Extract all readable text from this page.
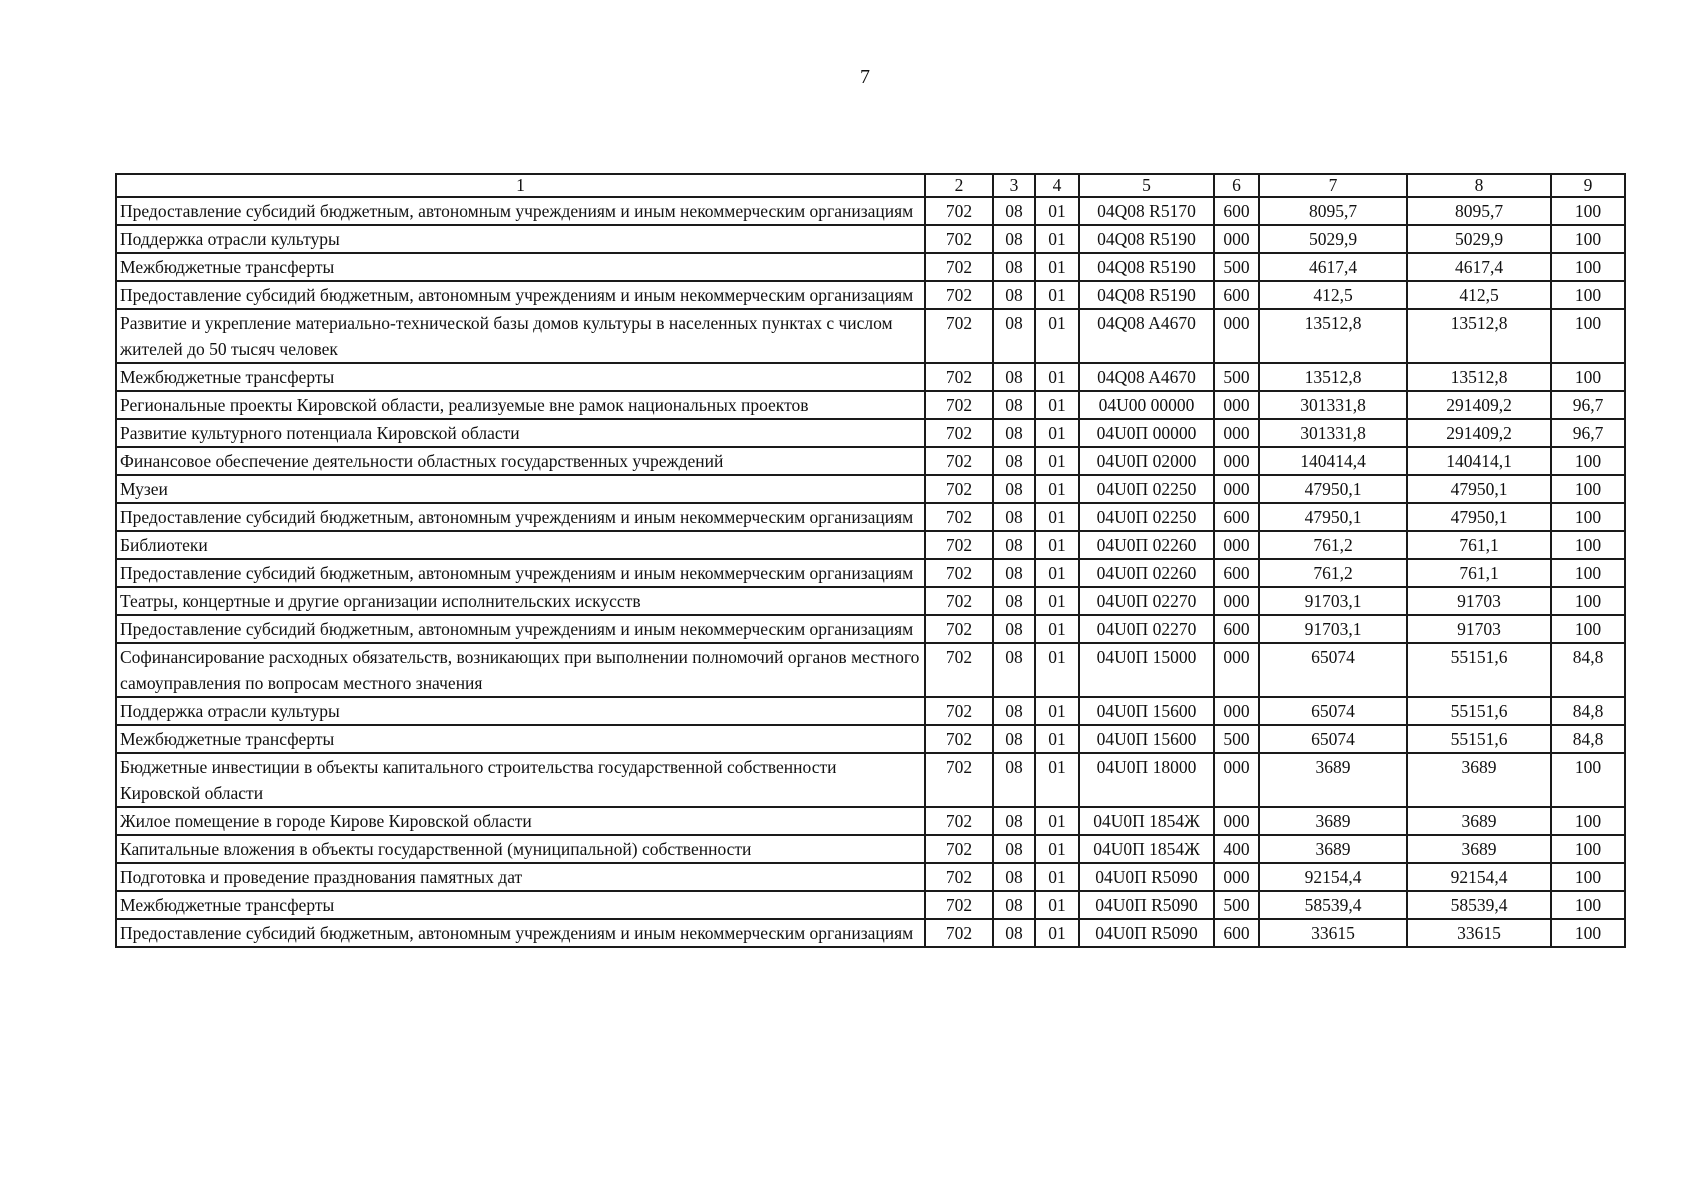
7
1	2	3	4	5	6	7	8	9
Предоставление субсидий бюджетным, автономным учреждениям и иным некоммерческим организациям	702	08	01	04Q08 R5170	600	8095,7	8095,7	100
Поддержка отрасли культуры	702	08	01	04Q08 R5190	000	5029,9	5029,9	100
Межбюджетные трансферты	702	08	01	04Q08 R5190	500	4617,4	4617,4	100
Предоставление субсидий бюджетным, автономным учреждениям и иным некоммерческим организациям	702	08	01	04Q08 R5190	600	412,5	412,5	100
Развитие и укрепление материально-технической базы домов культуры в населенных пунктах с числом жителей до 50 тысяч человек	702	08	01	04Q08 A4670	000	13512,8	13512,8	100
Межбюджетные трансферты	702	08	01	04Q08 A4670	500	13512,8	13512,8	100
Региональные проекты Кировской области, реализуемые вне рамок национальных проектов	702	08	01	04U00 00000	000	301331,8	291409,2	96,7
Развитие культурного потенциала Кировской области	702	08	01	04U0П 00000	000	301331,8	291409,2	96,7
Финансовое обеспечение деятельности областных государственных учреждений	702	08	01	04U0П 02000	000	140414,4	140414,1	100
Музеи	702	08	01	04U0П 02250	000	47950,1	47950,1	100
Предоставление субсидий бюджетным, автономным учреждениям и иным некоммерческим организациям	702	08	01	04U0П 02250	600	47950,1	47950,1	100
Библиотеки	702	08	01	04U0П 02260	000	761,2	761,1	100
Предоставление субсидий бюджетным, автономным учреждениям и иным некоммерческим организациям	702	08	01	04U0П 02260	600	761,2	761,1	100
Театры, концертные и другие организации исполнительских искусств	702	08	01	04U0П 02270	000	91703,1	91703	100
Предоставление субсидий бюджетным, автономным учреждениям и иным некоммерческим организациям	702	08	01	04U0П 02270	600	91703,1	91703	100
Софинансирование расходных обязательств, возникающих при выполнении полномочий органов местного самоуправления по вопросам местного значения	702	08	01	04U0П 15000	000	65074	55151,6	84,8
Поддержка отрасли культуры	702	08	01	04U0П 15600	000	65074	55151,6	84,8
Межбюджетные трансферты	702	08	01	04U0П 15600	500	65074	55151,6	84,8
Бюджетные инвестиции в объекты капитального строительства государственной собственности Кировской области	702	08	01	04U0П 18000	000	3689	3689	100
Жилое помещение в городе Кирове Кировской области	702	08	01	04U0П 1854Ж	000	3689	3689	100
Капитальные вложения в объекты государственной (муниципальной) собственности	702	08	01	04U0П 1854Ж	400	3689	3689	100
Подготовка и проведение празднования памятных дат	702	08	01	04U0П R5090	000	92154,4	92154,4	100
Межбюджетные трансферты	702	08	01	04U0П R5090	500	58539,4	58539,4	100
Предоставление субсидий бюджетным, автономным учреждениям и иным некоммерческим организациям	702	08	01	04U0П R5090	600	33615	33615	100
